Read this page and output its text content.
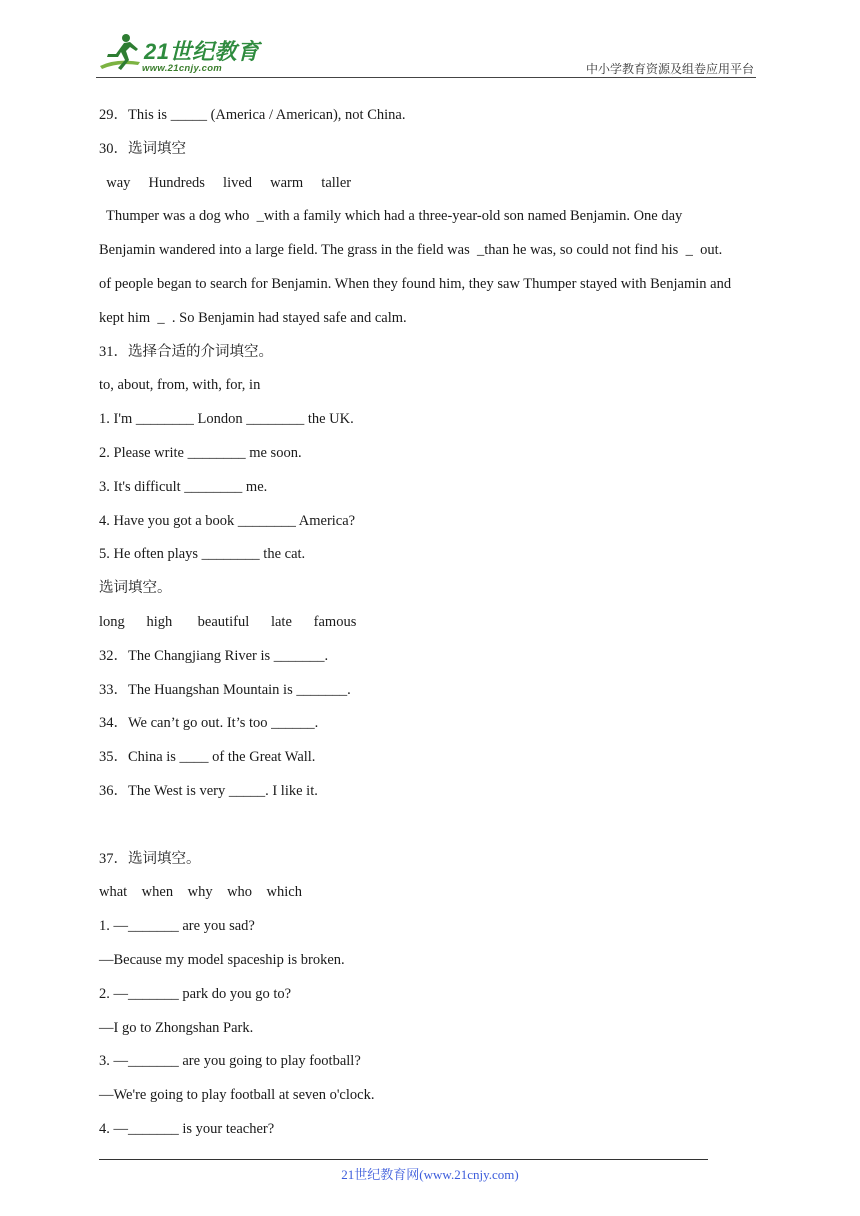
21世纪教育
www.21cnjy.com	中小学教育资源及组卷应用平台
29．This is _____ (America / American), not China.
30．选词填空
way     Hundreds     lived     warm     taller
Thumper was a dog who  _with a family which had a three-year-old son named Benjamin. One day
Benjamin wandered into a large field. The grass in the field was  _than he was, so could not find his  _  out.
of people began to search for Benjamin. When they found him, they saw Thumper stayed with Benjamin and
kept him  _  . So Benjamin had stayed safe and calm.
31．选择合适的介词填空。
to, about, from, with, for, in
1. I'm ________ London ________ the UK.
2. Please write ________ me soon.
3. It's difficult ________ me.
4. Have you got a book ________ America?
5. He often plays ________ the cat.
选词填空。
long      high       beautiful      late      famous
32．The Changjiang River is _______.
33．The Huangshan Mountain is _______.
34．We can’t go out. It’s too ______.
35．China is ____ of the Great Wall.
36．The West is very _____. I like it.
37．选词填空。
what    when    why    who    which
1. —_______ are you sad?
—Because my model spaceship is broken.
2. —_______ park do you go to?
—I go to Zhongshan Park.
3. —_______ are you going to play football?
—We're going to play football at seven o'clock.
4. —_______ is your teacher?
21世纪教育网(www.21cnjy.com)
